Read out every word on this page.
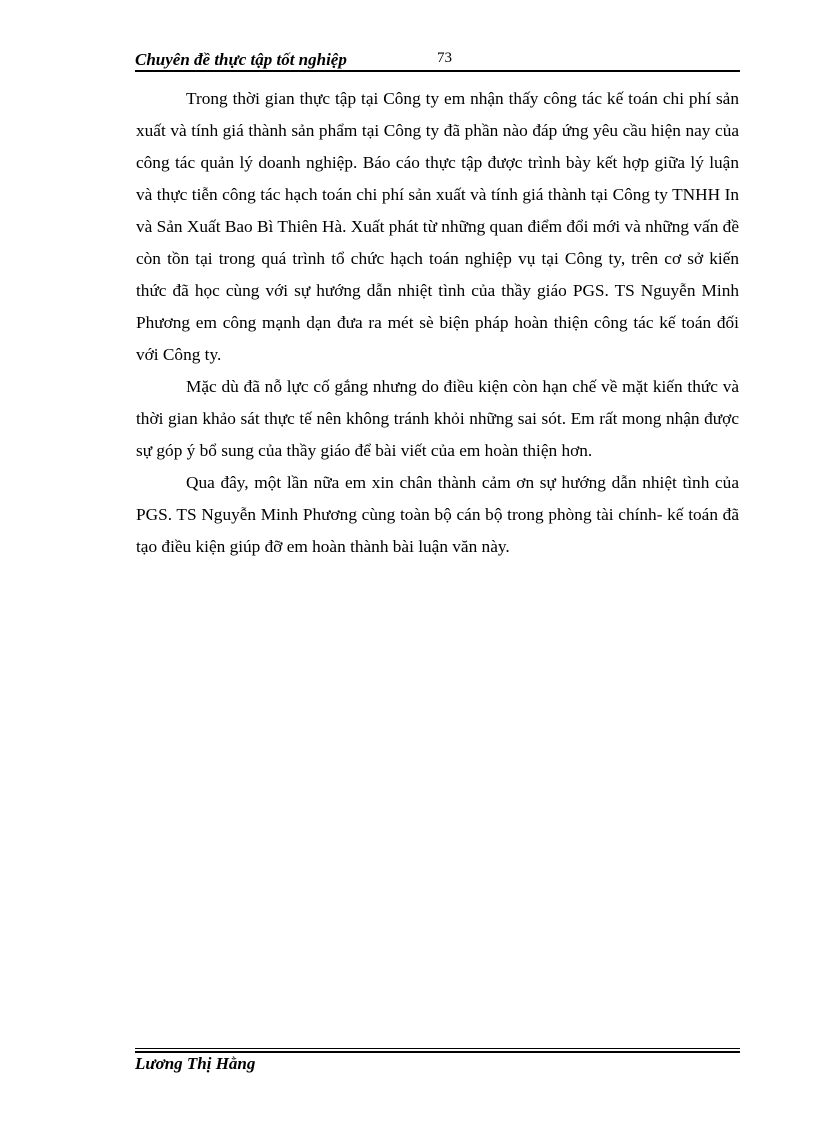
Chuyên đề thực tập tốt nghiệp	73

Trong thời gian thực tập tại Công ty em nhận thấy công tác kế toán chi phí sản xuất và tính giá thành sản phẩm tại Công ty đã phần nào đáp ứng yêu cầu hiện nay của công tác quản lý doanh nghiệp. Báo cáo thực tập được trình bày kết hợp giữa lý luận và thực tiễn công tác hạch toán chi phí sản xuất và tính giá thành tại Công ty TNHH In và Sản Xuất Bao Bì Thiên Hà. Xuất phát từ những quan điểm đổi mới và những vấn đề còn tồn tại trong quá trình tổ chức hạch toán nghiệp vụ tại Công ty, trên cơ sở kiến thức đã học cùng với sự hướng dẫn nhiệt tình của thầy giáo PGS. TS Nguyễn Minh Phương em công mạnh dạn đưa ra mét sè biện pháp hoàn thiện công tác kế toán đối với Công ty.

Mặc dù đã nỗ lực cố gắng nhưng do điều kiện còn hạn chế về mặt kiến thức và thời gian khảo sát thực tế nên không tránh khỏi những sai sót. Em rất mong nhận được sự góp ý bổ sung của thầy giáo để bài viết của em hoàn thiện hơn.

Qua đây, một lần nữa em xin chân thành cảm ơn sự hướng dẫn nhiệt tình của PGS. TS Nguyễn Minh Phương cùng toàn bộ cán bộ trong phòng tài chính- kế toán đã tạo điều kiện giúp đỡ em hoàn thành bài luận văn này.

Lương Thị Hằng
